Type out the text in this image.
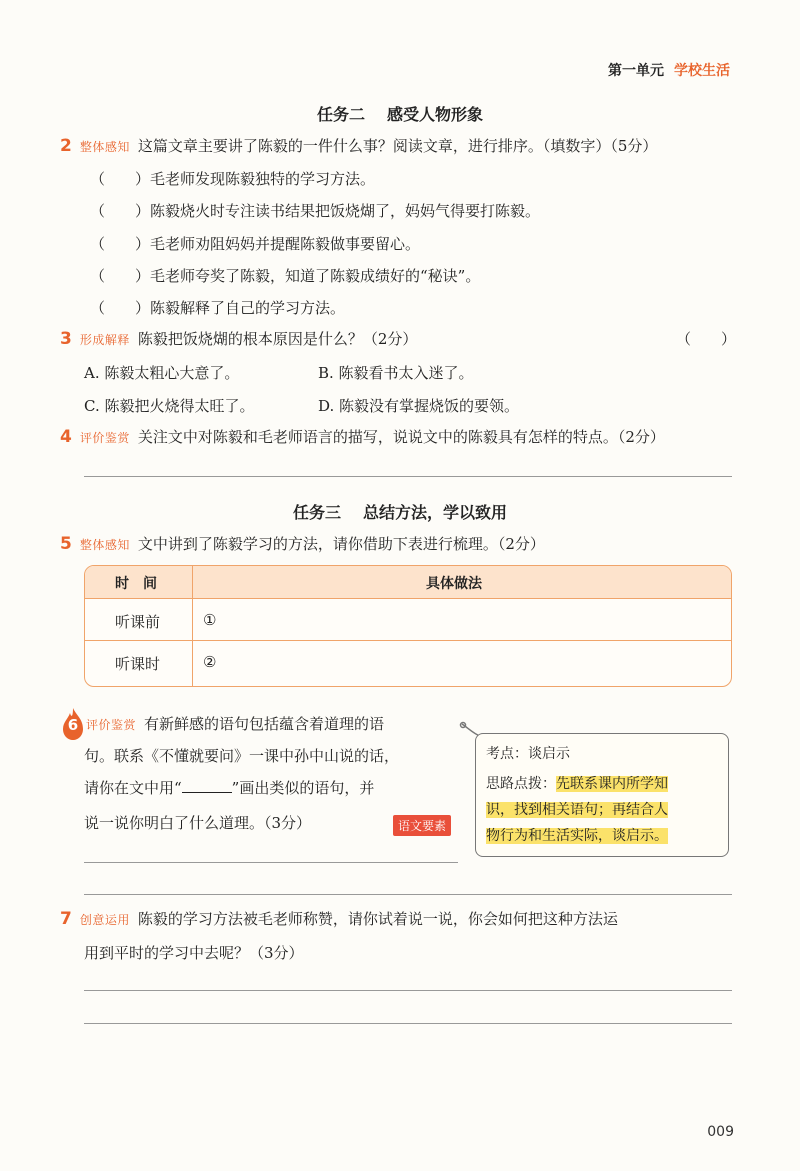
第一单元 学校生活
任务二 感受人物形象
2 整体感知 这篇文章主要讲了陈毅的一件什么事？阅读文章，进行排序。（填数字）（5分）
（　　）毛老师发现陈毅独特的学习方法。
（　　）陈毅烧火时专注读书结果把饭烧煳了，妈妈气得要打陈毅。
（　　）毛老师劝阻妈妈并提醒陈毅做事要留心。
（　　）毛老师夸奖了陈毅，知道了陈毅成绩好的“秘诀”。
（　　）陈毅解释了自己的学习方法。
3 形成解释 陈毅把饭烧煳的根本原因是什么？（2分）	（　　）
A. 陈毅太粗心大意了。	B. 陈毅看书太入迷了。
C. 陈毅把火烧得太旺了。	D. 陈毅没有掌握烧饭的要领。
4 评价鉴赏 关注文中对陈毅和毛老师语言的描写，说说文中的陈毅具有怎样的特点。（2分）
任务三 总结方法，学以致用
5 整体感知 文中讲到了陈毅学习的方法，请你借助下表进行梳理。（2分）
时　间	具体做法
听课前	①
听课时	②
6 评价鉴赏 有新鲜感的语句包括蕴含着道理的语
句。联系《不懂就要问》一课中孙中山说的话，
请你在文中用“	”画出类似的语句，并
说一说你明白了什么道理。（3分）	语文要素
考点：谈启示
思路点拨：先联系课内所学知
识，找到相关语句；再结合人
物行为和生活实际，谈启示。
7 创意运用 陈毅的学习方法被毛老师称赞，请你试着说一说，你会如何把这种方法运
用到平时的学习中去呢？（3分）
009
